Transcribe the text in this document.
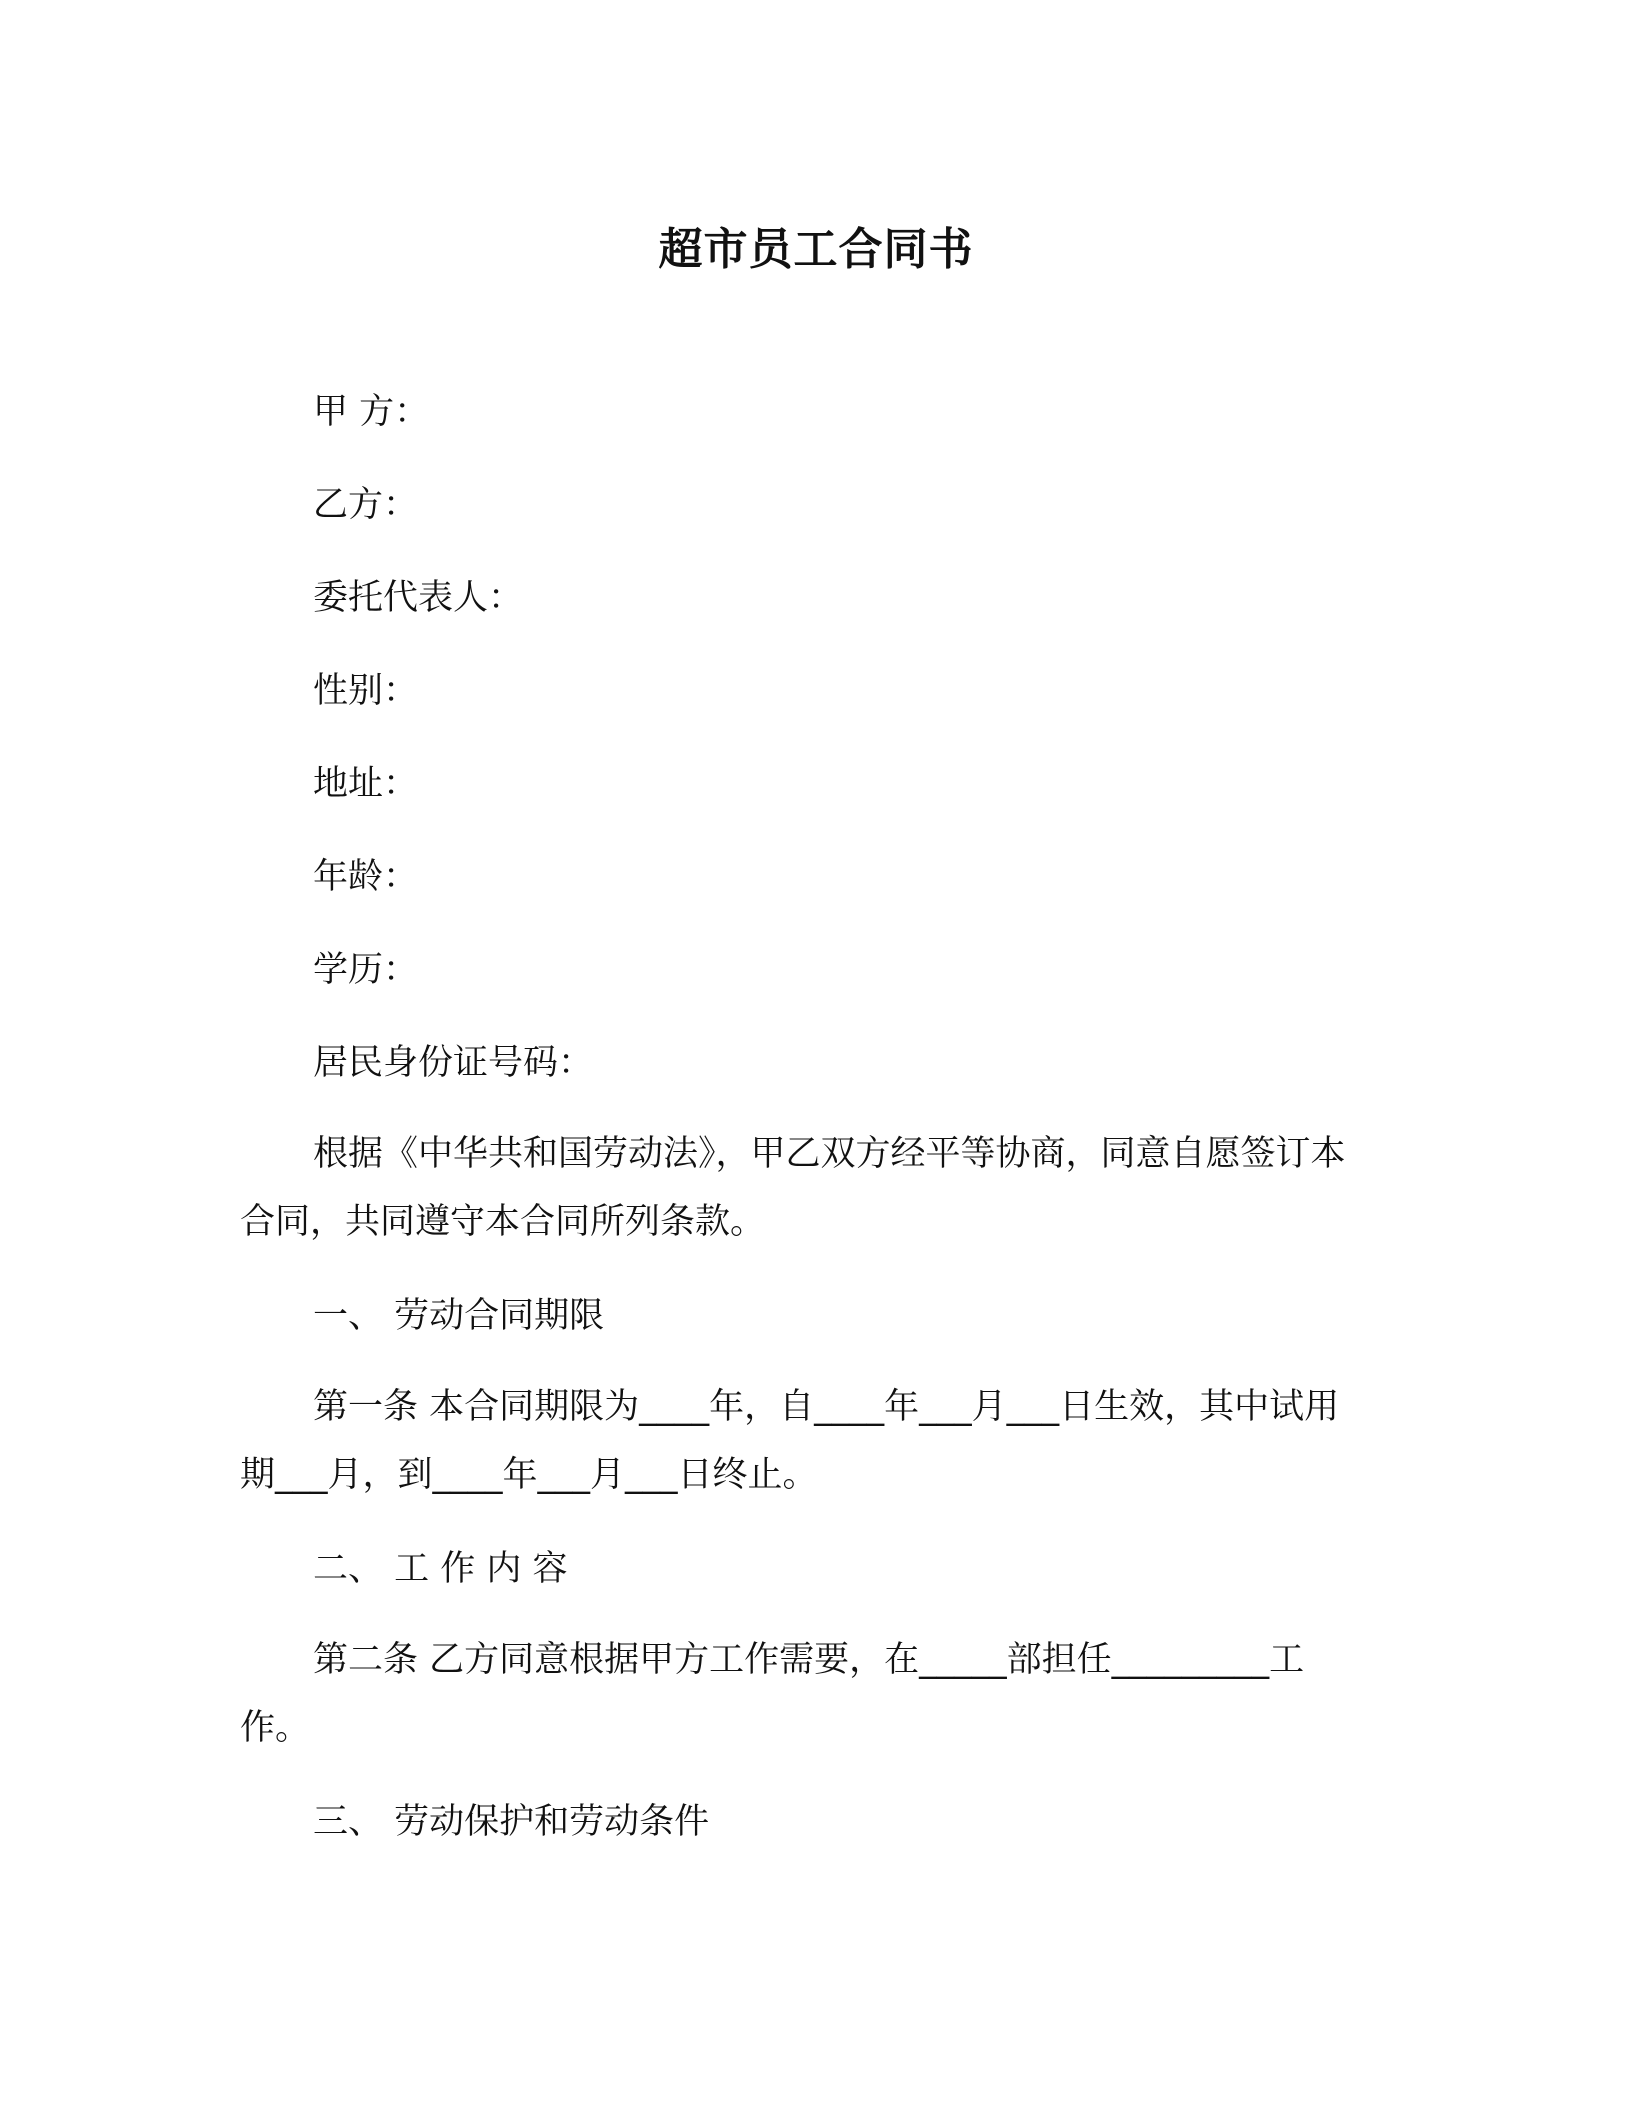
超市员工合同书
甲 方：
乙方：
委托代表人：
性别：
地址：
年龄：
学历：
居民身份证号码：
根据《中华共和国劳动法》，甲乙双方经平等协商，同意自愿签订本合同，共同遵守本合同所列条款。
一、 劳动合同期限
第一条 本合同期限为____年，自____年___月___日生效，其中试用期___月，到____年___月___日终止。
二、 工 作 内 容
第二条 乙方同意根据甲方工作需要，在_____部担任_________工作。
三、 劳动保护和劳动条件
